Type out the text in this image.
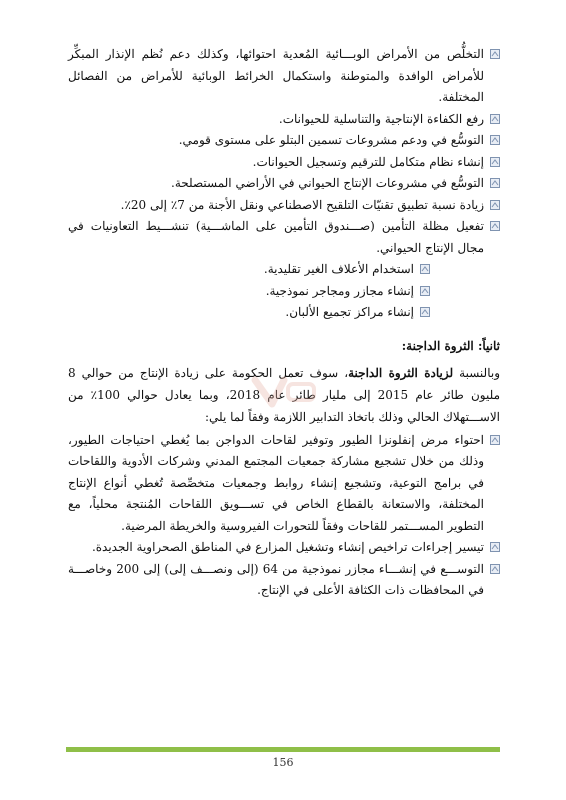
التخلُّص من الأمراض الوبـــائية المُعدية احتوائها، وكذلك دعم نُظم الإنذار المبكِّر للأمراض الوافدة والمتوطنة واستكمال الخرائط الوبائية للأمراض من الفصائل المختلفة.
رفع الكفاءة الإنتاجية والتناسلية للحيوانات.
التوسُّع في ودعم مشروعات تسمين البتلو على مستوى قومي.
إنشاء نظام متكامل للترقيم وتسجيل الحيوانات.
التوسُّع في مشروعات الإنتاج الحيواني في الأراضي المستصلحة.
زيادة نسبة تطبيق تقنيّات التلقيح الاصطناعي ونقل الأجنة من 7٪ إلى 20٪.
تفعيل مظلة التأمين (صـــندوق التأمين على الماشـــية) تنشـــيط التعاونيات في مجال الإنتاج الحيواني.
استخدام الأعلاف الغير تقليدية.
إنشاء مجازر ومجاجر نموذجية.
إنشاء مراكز تجميع الألبان.
ثانياً: الثروة الداجنة:

وبالنسبة لزيادة الثروة الداجنة، سوف تعمل الحكومة على زيادة الإنتاج من حوالي 8 مليون طائر عام 2015 إلى مليار طائر عام 2018، وبما يعادل حوالي 100٪ من الاســـتهلاك الحالي وذلك باتخاذ التدابير اللازمة وفقاً لما يلي:

احتواء مرض إنفلونزا الطيور وتوفير لقاحات الدواجن بما يُغطي احتياجات الطيور، وذلك من خلال تشجيع مشاركة جمعيات المجتمع المدني وشركات الأدوية واللقاحات في برامج التوعية، وتشجيع إنشاء روابط وجمعيات متخصِّصة تُغطي أنواع الإنتاج المختلفة، والاستعانة بالقطاع الخاص في تســـويق اللقاحات المُنتجة محلياً، مع التطوير المســـتمر للقاحات وفقاً للتحورات الفيروسية والخريطة المرضية.
تيسير إجراءات تراخيص إنشاء وتشغيل المزارع في المناطق الصحراوية الجديدة.
التوســـع في إنشـــاء مجازر نموذجية من 64 (إلى ونصـــف إلى) إلى 200 وخاصـــة في المحافظات ذات الكثافة الأعلى في الإنتاج.
156
